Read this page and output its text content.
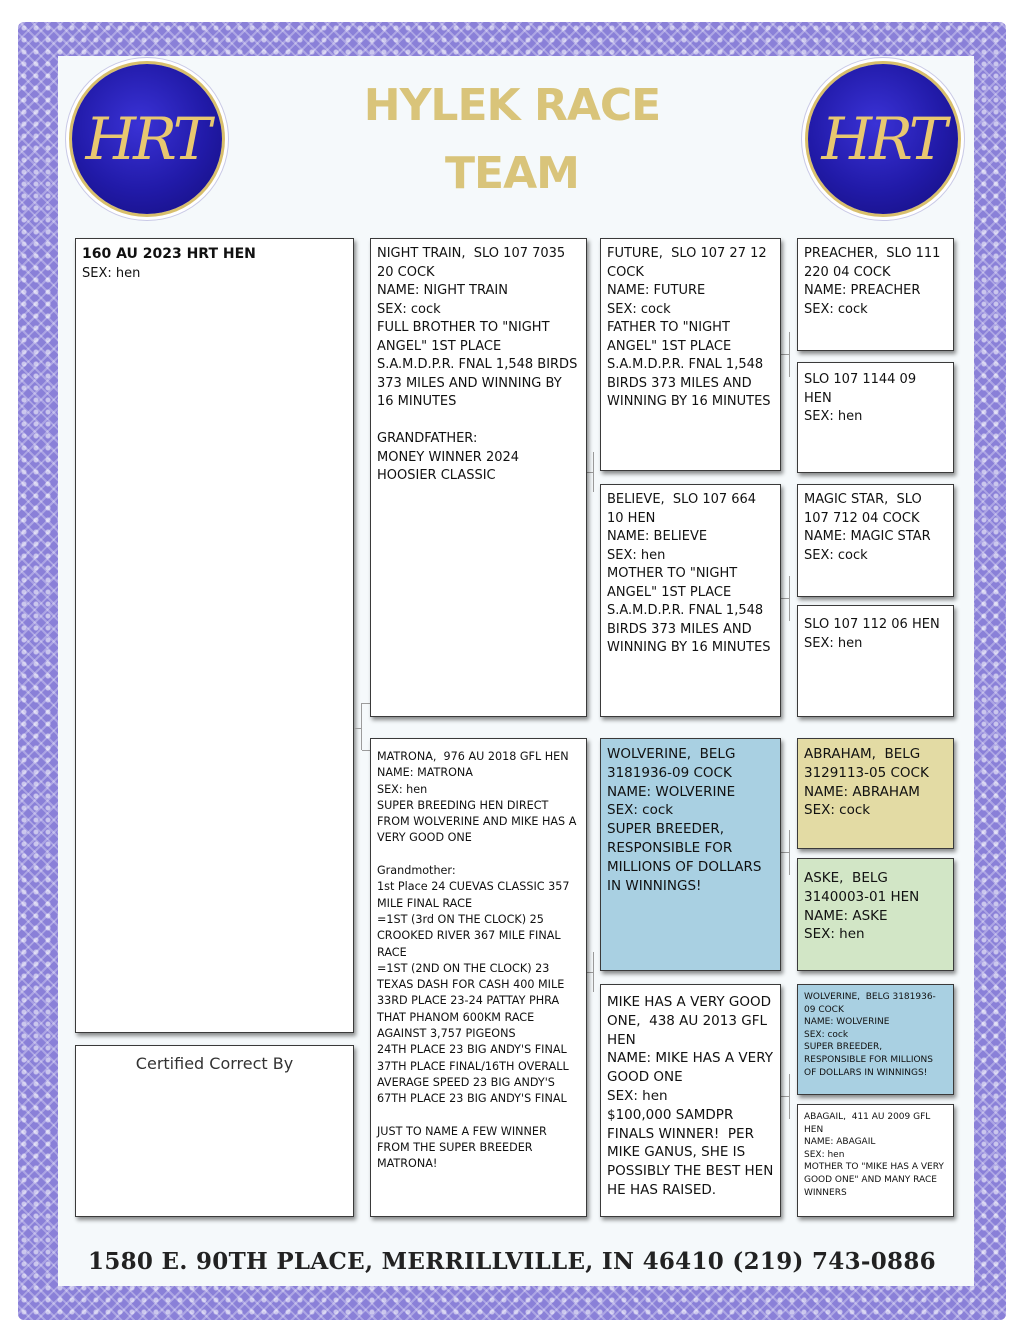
HRT	HRT
HYLEK RACE
TEAM

160 AU 2023 HRT HEN

SEX: hen

Certified Correct By

NIGHT TRAIN,  SLO 107 7035 20 COCK
NAME: NIGHT TRAIN
SEX: cock
FULL BROTHER TO "NIGHT ANGEL" 1ST PLACE S.A.M.D.P.R. FNAL 1,548 BIRDS 373 MILES AND WINNING BY 16 MINUTES

GRANDFATHER:
MONEY WINNER 2024 HOOSIER CLASSIC

MATRONA,  976 AU 2018 GFL HEN
NAME: MATRONA
SEX: hen
SUPER BREEDING HEN DIRECT FROM WOLVERINE AND MIKE HAS A VERY GOOD ONE

Grandmother:
1st Place 24 CUEVAS CLASSIC 357 MILE FINAL RACE
=1ST (3rd ON THE CLOCK) 25 CROOKED RIVER 367 MILE FINAL RACE
=1ST (2ND ON THE CLOCK) 23 TEXAS DASH FOR CASH 400 MILE
33RD PLACE 23-24 PATTAY PHRA THAT PHANOM 600KM RACE AGAINST 3,757 PIGEONS
24TH PLACE 23 BIG ANDY'S FINAL
37TH PLACE FINAL/16TH OVERALL AVERAGE SPEED 23 BIG ANDY'S
67TH PLACE 23 BIG ANDY'S FINAL

JUST TO NAME A FEW WINNER FROM THE SUPER BREEDER MATRONA!

FUTURE,  SLO 107 27 12 COCK
NAME: FUTURE
SEX: cock
FATHER TO "NIGHT ANGEL" 1ST PLACE S.A.M.D.P.R. FNAL 1,548 BIRDS 373 MILES AND WINNING BY 16 MINUTES

BELIEVE,  SLO 107 664 10 HEN
NAME: BELIEVE
SEX: hen
MOTHER TO "NIGHT ANGEL" 1ST PLACE S.A.M.D.P.R. FNAL 1,548 BIRDS 373 MILES AND WINNING BY 16 MINUTES

WOLVERINE,  BELG 3181936-09 COCK
NAME: WOLVERINE
SEX: cock
SUPER BREEDER, RESPONSIBLE FOR MILLIONS OF DOLLARS IN WINNINGS!

MIKE HAS A VERY GOOD ONE,  438 AU 2013 GFL HEN
NAME: MIKE HAS A VERY GOOD ONE
SEX: hen
$100,000 SAMDPR FINALS WINNER!  PER MIKE GANUS, SHE IS POSSIBLY THE BEST HEN HE HAS RAISED.

PREACHER,  SLO 111 220 04 COCK
NAME: PREACHER
SEX: cock

SLO 107 1144 09 HEN
SEX: hen

MAGIC STAR,  SLO 107 712 04 COCK
NAME: MAGIC STAR
SEX: cock

SLO 107 112 06 HEN
SEX: hen

ABRAHAM,  BELG 3129113-05 COCK
NAME: ABRAHAM
SEX: cock

ASKE,  BELG 3140003-01 HEN
NAME: ASKE
SEX: hen

WOLVERINE,  BELG 3181936-09 COCK
NAME: WOLVERINE
SEX: cock
SUPER BREEDER, RESPONSIBLE FOR MILLIONS OF DOLLARS IN WINNINGS!

ABAGAIL,  411 AU 2009 GFL HEN
NAME: ABAGAIL
SEX: hen
MOTHER TO "MIKE HAS A VERY GOOD ONE" AND MANY RACE WINNERS

1580 E. 90TH PLACE, MERRILLVILLE, IN 46410 (219) 743-0886
